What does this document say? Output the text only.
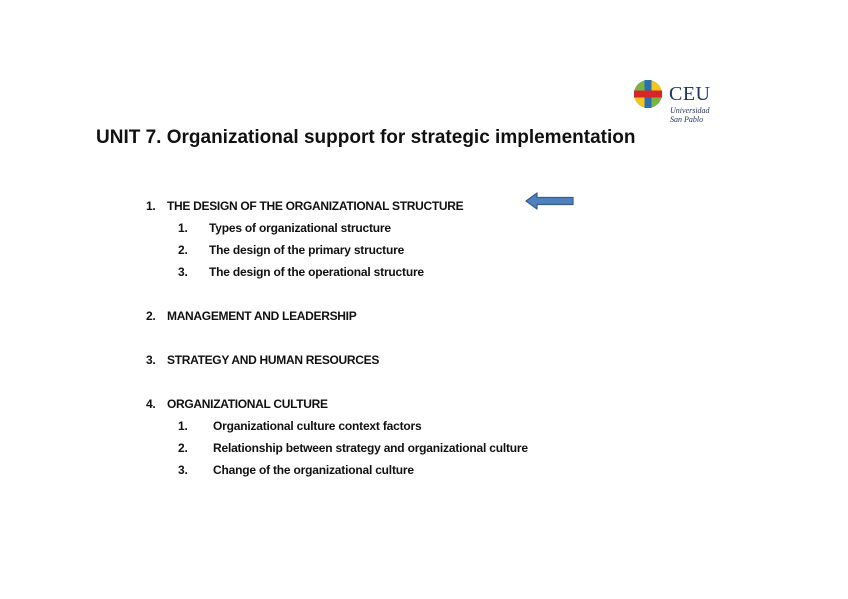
CEU
Universidad
San Pablo
UNIT 7. Organizational support for strategic implementation
1. THE DESIGN OF THE ORGANIZATIONAL STRUCTURE
1. Types of organizational structure
2. The design of the primary structure
3. The design of the operational structure
2. MANAGEMENT AND LEADERSHIP
3. STRATEGY AND HUMAN RESOURCES
4. ORGANIZATIONAL CULTURE
1. Organizational culture context factors
2. Relationship between strategy and organizational culture
3. Change of the organizational culture
